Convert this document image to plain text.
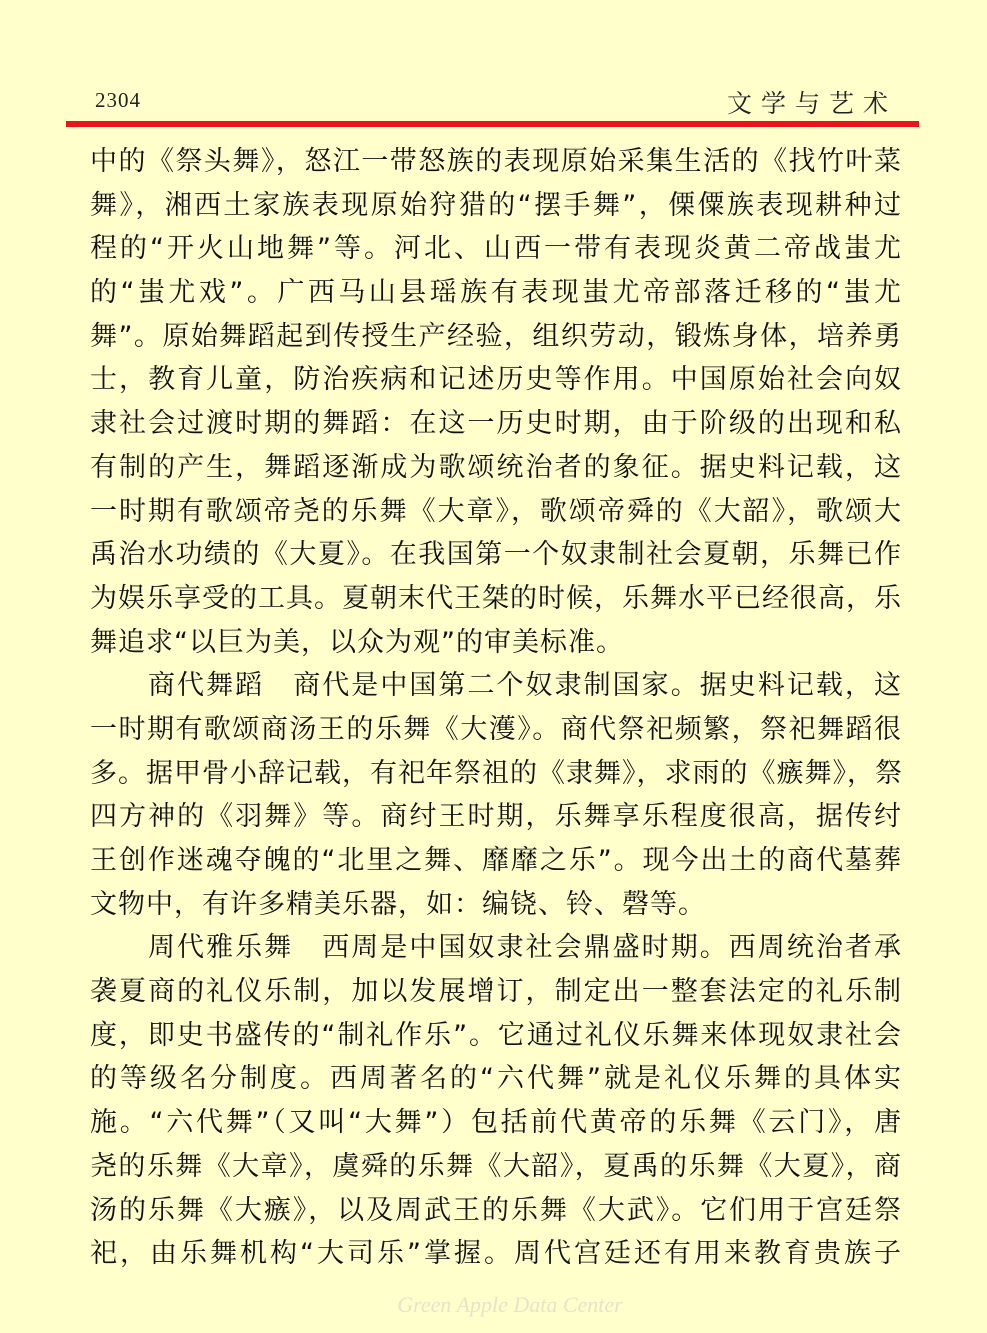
2304	文学与艺术
中的《祭头舞》，怒江一带怒族的表现原始采集生活的《找竹叶菜
舞》，湘西土家族表现原始狩猎的“摆手舞”，傈僳族表现耕种过
程的“开火山地舞”等。河北、山西一带有表现炎黄二帝战蚩尤
的“蚩尤戏”。广西马山县瑶族有表现蚩尤帝部落迁移的“蚩尤
舞”。原始舞蹈起到传授生产经验，组织劳动，锻炼身体，培养勇
士，教育儿童，防治疾病和记述历史等作用。中国原始社会向奴
隶社会过渡时期的舞蹈：在这一历史时期，由于阶级的出现和私
有制的产生，舞蹈逐渐成为歌颂统治者的象征。据史料记载，这
一时期有歌颂帝尧的乐舞《大章》，歌颂帝舜的《大韶》，歌颂大
禹治水功绩的《大夏》。在我国第一个奴隶制社会夏朝，乐舞已作
为娱乐享受的工具。夏朝末代王桀的时候，乐舞水平已经很高，乐
舞追求“以巨为美，以众为观”的审美标准。
商代舞蹈　商代是中国第二个奴隶制国家。据史料记载，这
一时期有歌颂商汤王的乐舞《大濩》。商代祭祀频繁，祭祀舞蹈很
多。据甲骨小辞记载，有祀年祭祖的《隶舞》，求雨的《瘯舞》，祭
四方神的《羽舞》等。商纣王时期，乐舞享乐程度很高，据传纣
王创作迷魂夺魄的“北里之舞、靡靡之乐”。现今出土的商代墓葬
文物中，有许多精美乐器，如：编铙、铃、磬等。
周代雅乐舞　西周是中国奴隶社会鼎盛时期。西周统治者承
袭夏商的礼仪乐制，加以发展增订，制定出一整套法定的礼乐制
度，即史书盛传的“制礼作乐”。它通过礼仪乐舞来体现奴隶社会
的等级名分制度。西周著名的“六代舞”就是礼仪乐舞的具体实
施。“六代舞”（又叫“大舞”）包括前代黄帝的乐舞《云门》，唐
尧的乐舞《大章》，虞舜的乐舞《大韶》，夏禹的乐舞《大夏》，商
汤的乐舞《大瘯》，以及周武王的乐舞《大武》。它们用于宫廷祭
祀，由乐舞机构“大司乐”掌握。周代宫廷还有用来教育贵族子
Green Apple Data Center
